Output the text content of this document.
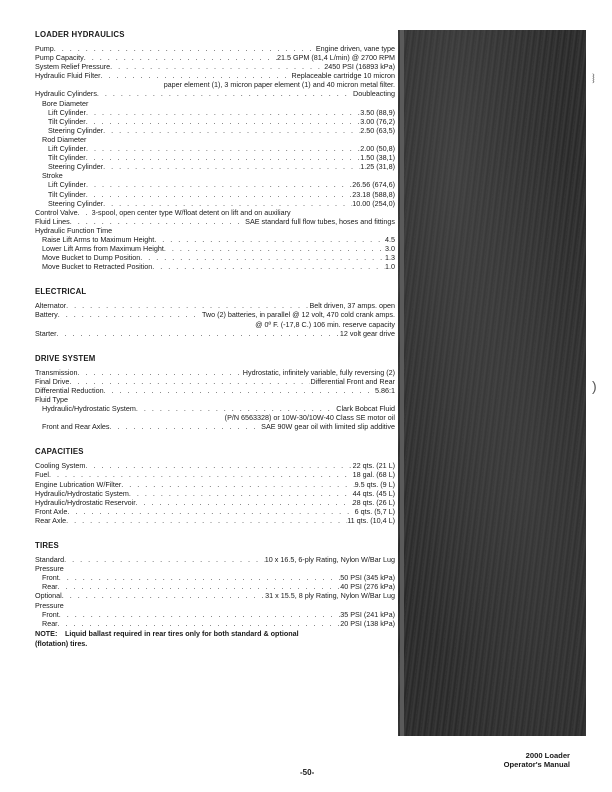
LOADER HYDRAULICS
Pump . . .	Engine driven, vane type
Pump Capacity . . .	21.5 GPM (81,4 L/min) @ 2700 RPM
System Relief Pressure . . .	2450 PSI (16893 kPa)
Hydraulic Fluid Filter . . .	Replaceable cartridge 10 micron
paper element (1), 3 micron paper element (1) and 40 micron metal filter.
Hydraulic Cylinders . . .	Doubleacting
Bore Diameter
Lift Cylinder . . .	3.50 (88,9)
Tilt Cylinder . . .	3.00 (76,2)
Steering Cylinder . . .	2.50 (63,5)
Rod Diameter
Lift Cylinder . . .	2.00 (50,8)
Tilt Cylinder . . .	1.50 (38,1)
Steering Cylinder . . .	1.25 (31,8)
Stroke
Lift Cylinder . . .	26.56 (674,6)
Tilt Cylinder . . .	23.18 (588,8)
Steering Cylinder . . .	10.00 (254,0)
Control Valve . . . 3-spool, open center type W/float detent on lift and on auxiliary
Fluid Lines . . .	SAE standard full flow tubes, hoses and fittings
Hydraulic Function Time
Raise Lift Arms to Maximum Height . . .	4.5
Lower Lift Arms from Maximum Height . . .	3.0
Move Bucket to Dump Position . . .	1.3
Move Bucket to Retracted Position . . .	1.0
ELECTRICAL
Alternator . . .	Belt driven, 37 amps. open
Battery . . .	Two (2) batteries, in parallel @ 12 volt, 470 cold crank amps.
@ 0º F. (-17,8 C.) 106 min. reserve capacity
Starter . . .	12 volt gear drive
DRIVE SYSTEM
Transmission . . .	Hydrostatic, infinitely variable, fully reversing (2)
Final Drive . . .	Differential Front and Rear
Differential Reduction . . .	5.86:1
Fluid Type
Hydraulic/Hydrostatic System . . .	Clark Bobcat Fluid
(P/N 6563328) or 10W-30/10W-40 Class SE motor oil
Front and Rear Axles . . .	SAE 90W gear oil with limited slip additive
CAPACITIES
Cooling System . . .	22 qts. (21 L)
Fuel . . .	18 gal. (68 L)
Engine Lubrication W/Filter . . .	9.5 qts. (9 L)
Hydraulic/Hydrostatic System . . .	44 qts. (45 L)
Hydraulic/Hydrostatic Reservoir . . .	28 qts. (26 L)
Front Axle . . .	6 qts. (5,7 L)
Rear Axle . . .	11 qts. (10,4 L)
TIRES
Standard . . .	10 x 16.5, 6-ply Rating, Nylon W/Bar Lug
Pressure
Front . . .	50 PSI (345 kPa)
Rear . . .	40 PSI (276 kPa)
Optional . . .	31 x 15.5, 8 ply Rating, Nylon W/Bar Lug
Pressure
Front . . .	35 PSI (241 kPa)
Rear . . .	20 PSI (138 kPa)
NOTE: Liquid ballast required in rear tires only for both standard & optional
(flotation) tires.
⧘
)
-50-
2000 Loader
Operator's Manual
